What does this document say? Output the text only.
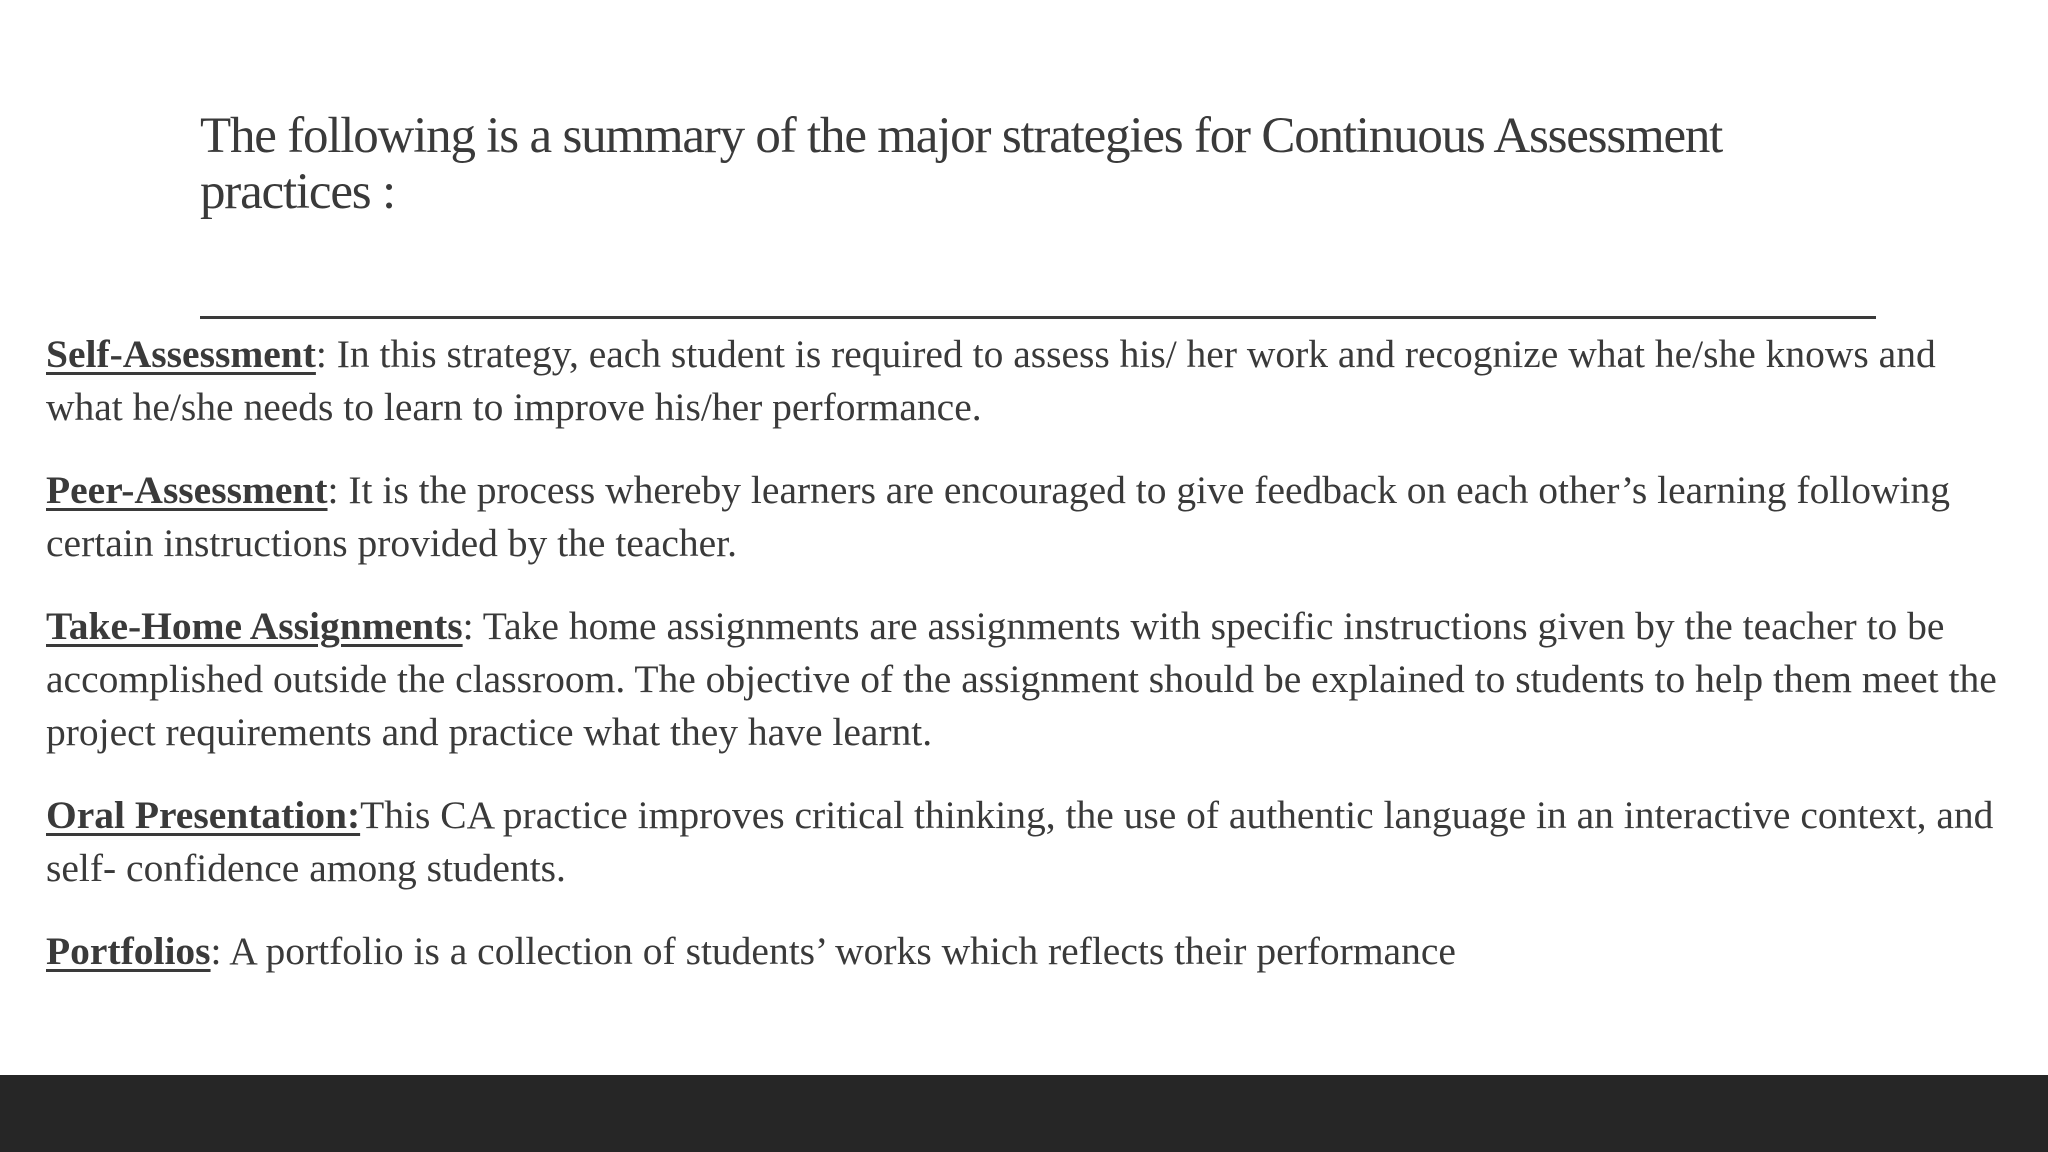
The following is a summary of the major strategies for Continuous Assessment practices :

Self-Assessment: In this strategy, each student is required to assess his/ her work and recognize what he/she knows and what he/she needs to learn to improve his/her performance.

Peer-Assessment: It is the process whereby learners are encouraged to give feedback on each other’s learning following certain instructions provided by the teacher.

Take-Home Assignments: Take home assignments are assignments with specific instructions given by the teacher to be accomplished outside the classroom. The objective of the assignment should be explained to students to help them meet the project requirements and practice what they have learnt.

Oral Presentation:This CA practice improves critical thinking, the use of authentic language in an interactive context, and self- confidence among students.

Portfolios: A portfolio is a collection of students’ works which reflects their performance
